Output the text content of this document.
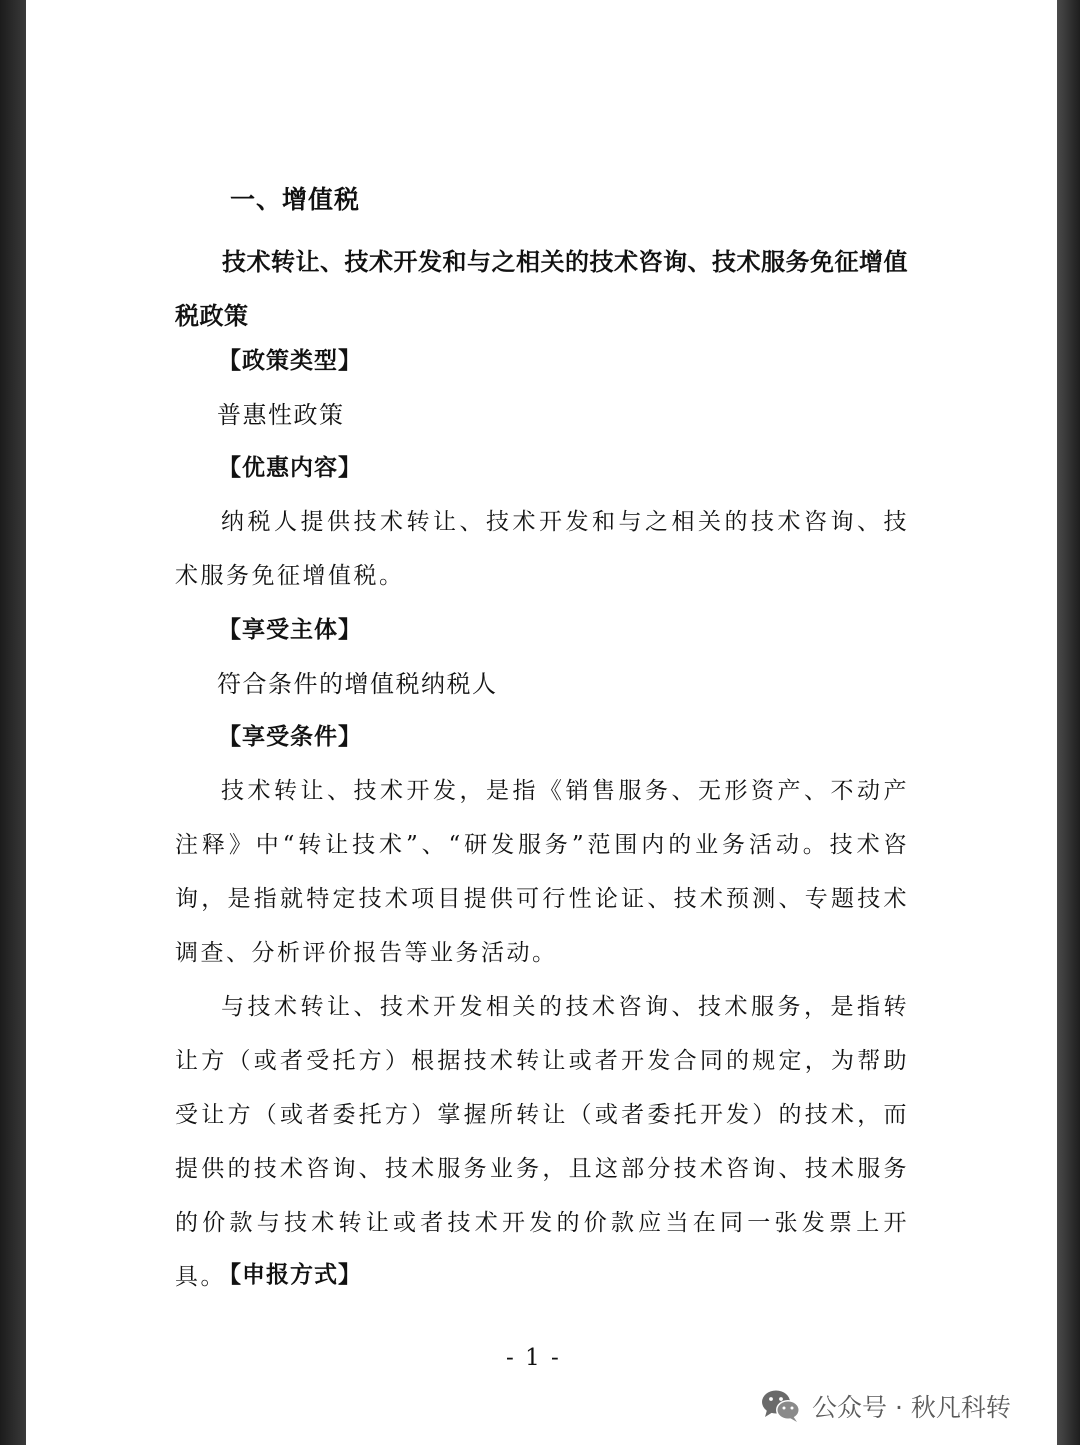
一、增值税
技术转让、技术开发和与之相关的技术咨询、技术服务免征增值税政策
【政策类型】
普惠性政策
【优惠内容】
纳税人提供技术转让、技术开发和与之相关的技术咨询、技术服务免征增值税。
【享受主体】
符合条件的增值税纳税人
【享受条件】
技术转让、技术开发，是指《销售服务、无形资产、不动产注释》中“转让技术”、“研发服务”范围内的业务活动。技术咨询，是指就特定技术项目提供可行性论证、技术预测、专题技术调查、分析评价报告等业务活动。
与技术转让、技术开发相关的技术咨询、技术服务，是指转让方（或者受托方）根据技术转让或者开发合同的规定，为帮助受让方（或者委托方）掌握所转让（或者委托开发）的技术，而提供的技术咨询、技术服务业务，且这部分技术咨询、技术服务的价款与技术转让或者技术开发的价款应当在同一张发票上开具。
【申报方式】
- 1 -
公众号 · 秋凡科转
